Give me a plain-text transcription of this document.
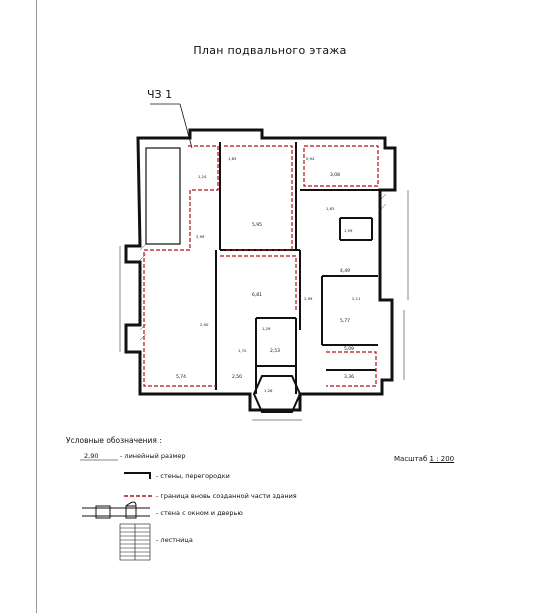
План подвального этажа
ЧЗ 1
5,95
3,08
6,81
4,49
5,77
5,74
2,53	5,09
2,50	3,36
1,83
1,24
2,99
0,94
1,83
1,59
2,90
1,29
2,99
1,26
1,70
2,11
Условные обозначения :
2,90	- линейный размер
- стены, перегородки
- граница вновь созданной части здания
- стена с окном и дверью
- лестница
Масштаб 1 : 200
